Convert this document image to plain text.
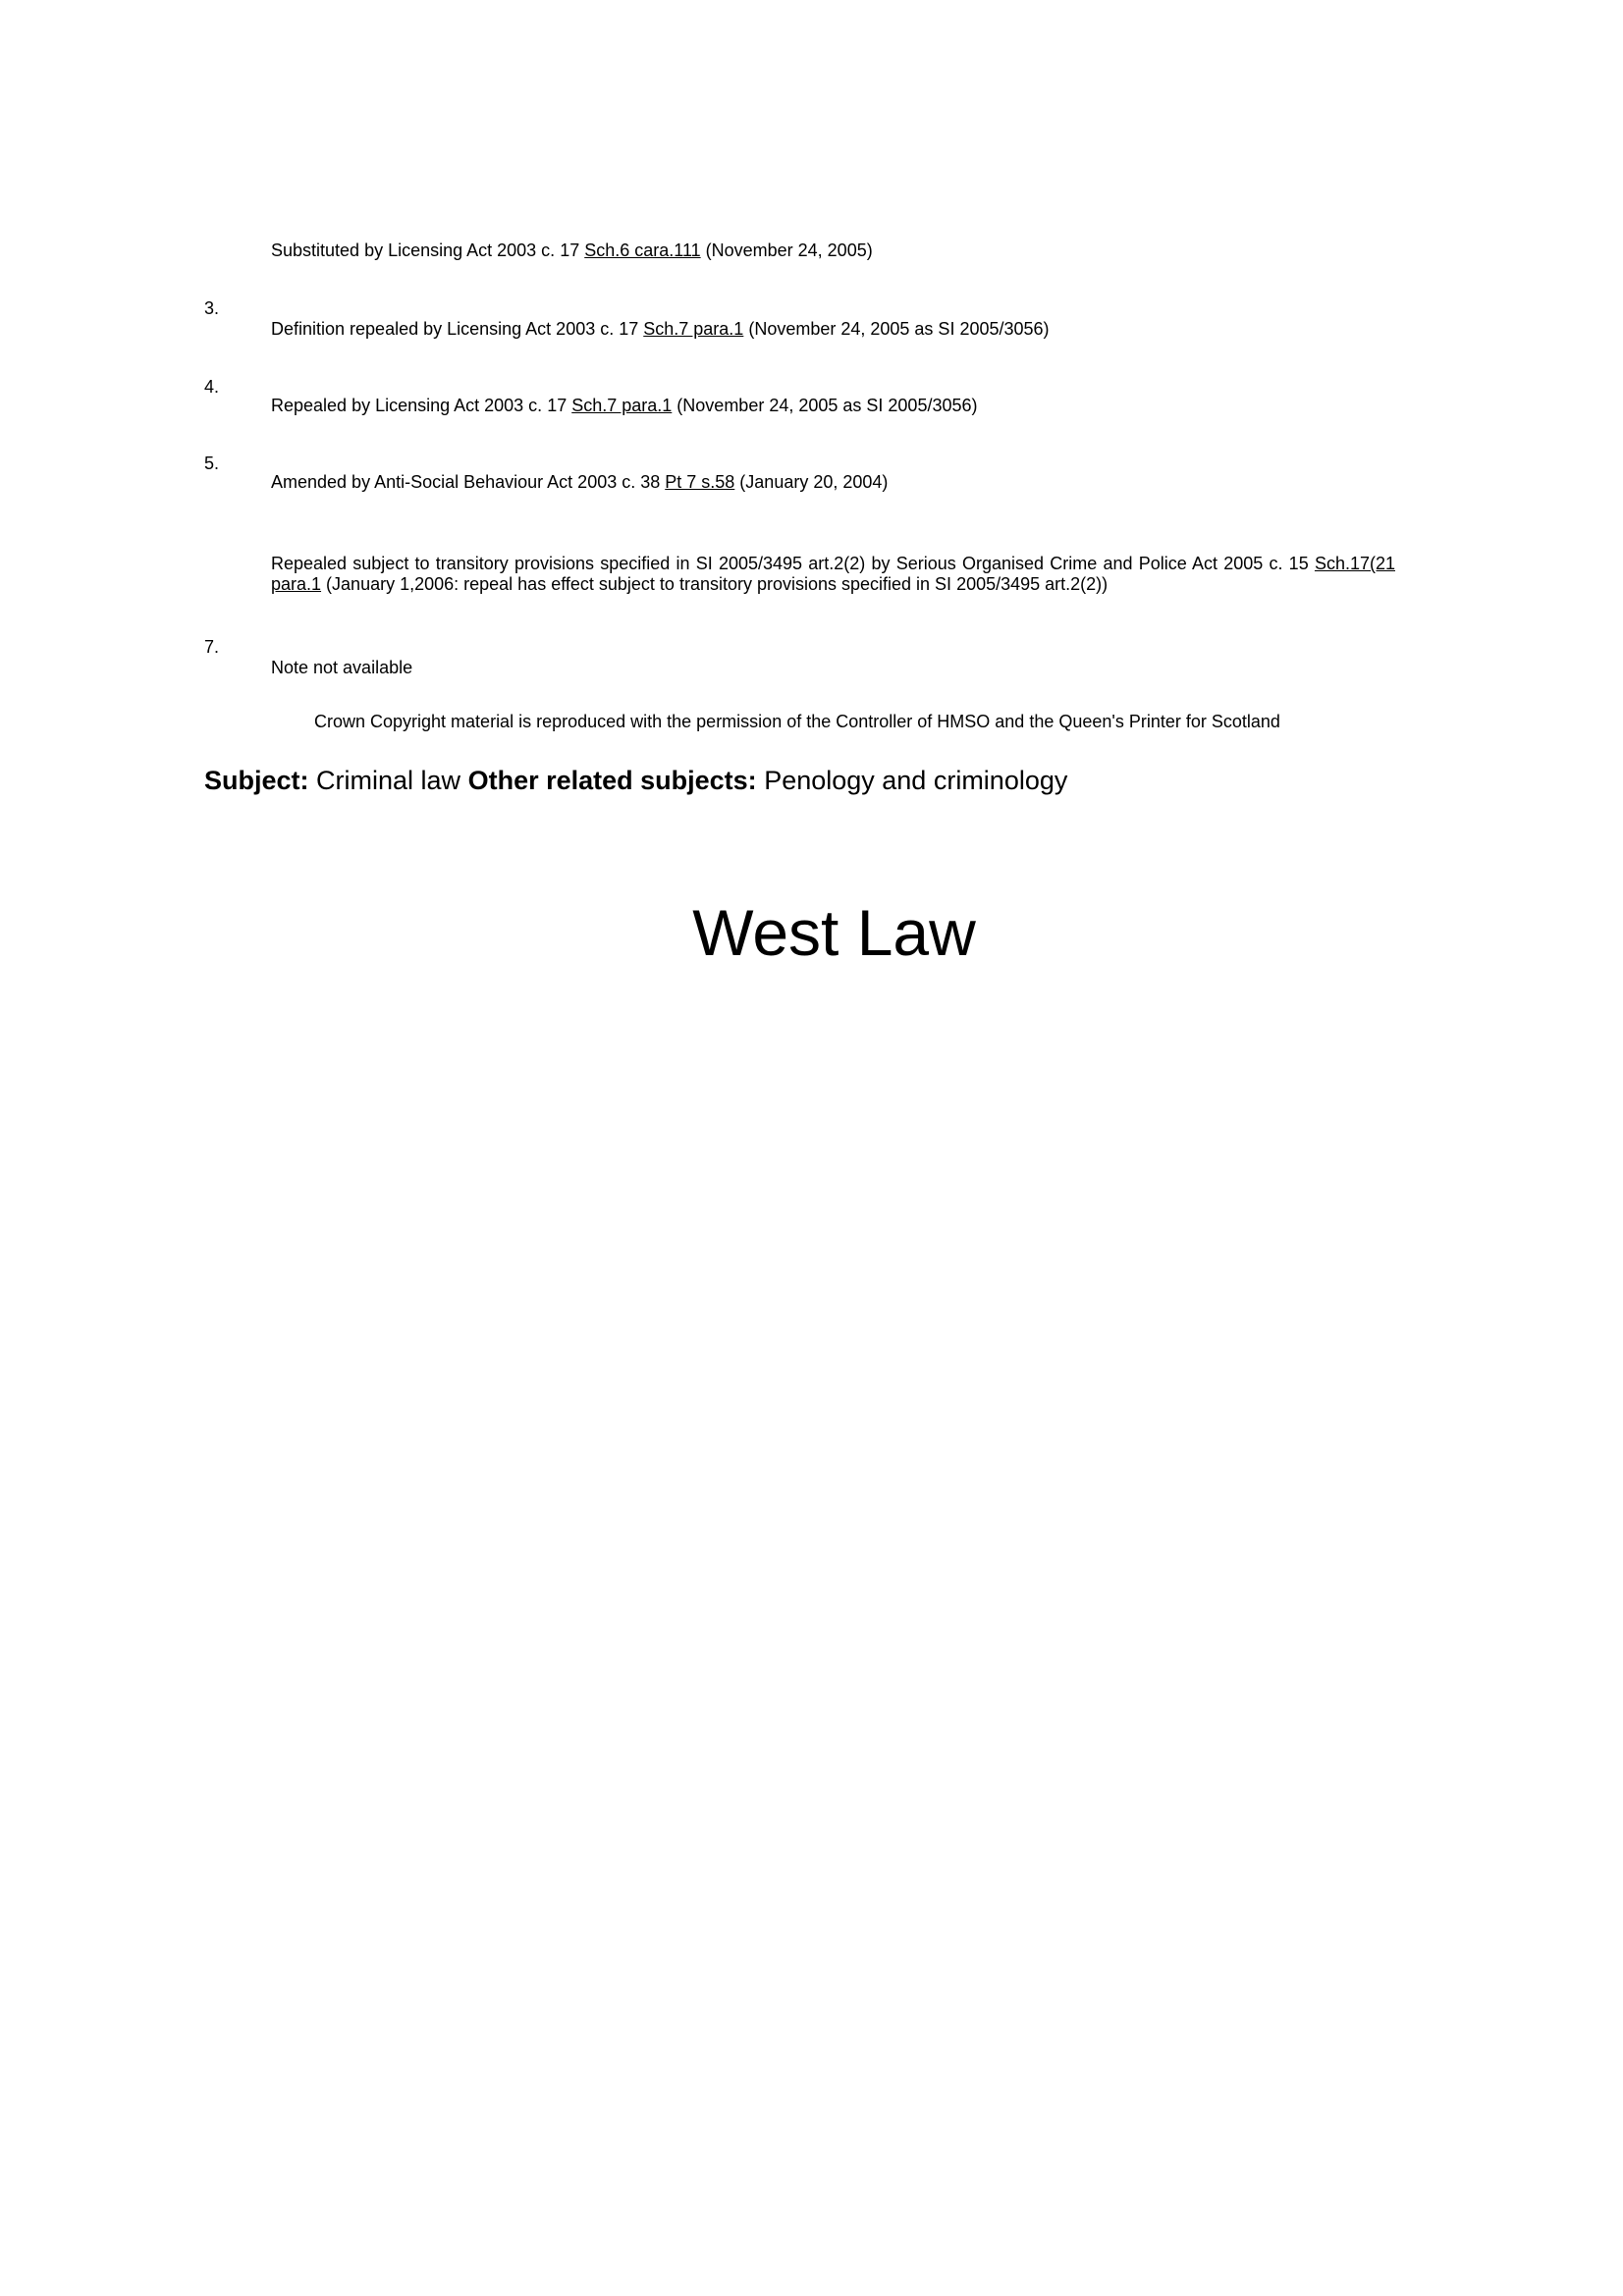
Substituted by Licensing Act 2003 c. 17 Sch.6 cara.111 (November 24, 2005)
3.
Definition repealed by Licensing Act 2003 c. 17 Sch.7 para.1 (November 24, 2005 as SI 2005/3056)
4.
Repealed by Licensing Act 2003 c. 17 Sch.7 para.1 (November 24, 2005 as SI 2005/3056)
5.
Amended by Anti-Social Behaviour Act 2003 c. 38 Pt 7 s.58 (January 20, 2004)
Repealed subject to transitory provisions specified in SI 2005/3495 art.2(2) by Serious Organised Crime and Police Act 2005 c. 15 Sch.17(21 para.1 (January 1,2006: repeal has effect subject to transitory provisions specified in SI 2005/3495 art.2(2))
7.
Note not available
Crown Copyright material is reproduced with the permission of the Controller of HMSO and the Queen's Printer for Scotland
Subject: Criminal law Other related subjects: Penology and criminology
West Law
